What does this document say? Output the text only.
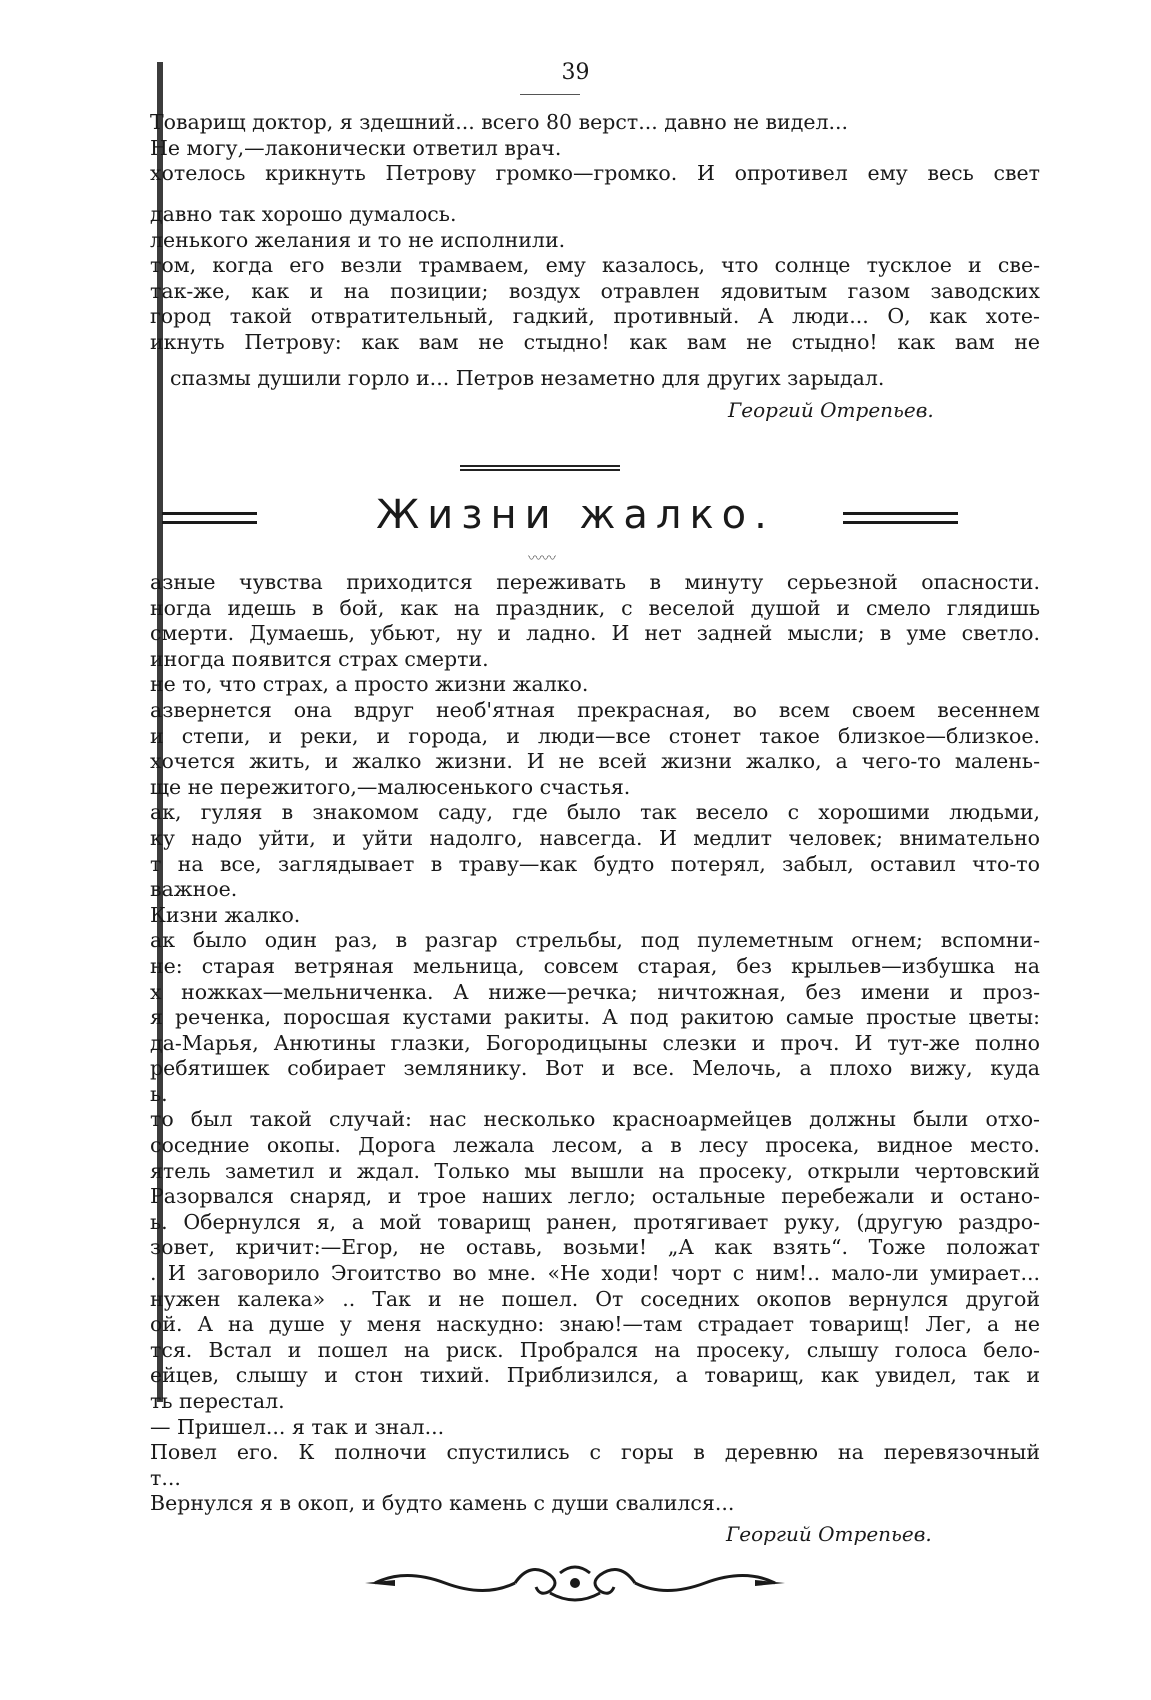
39
Товарищ доктор, я здешний... всего 80 верст... давно не видел...
Не могу,—лаконически ответил врач.
хотелось крикнуть Петрову громко—громко. И опротивел ему весь свет
давно так хорошо думалось.
ленького желания и то не исполнили.
том, когда его везли трамваем, ему казалось, что солнце тусклое и све-
так-же, как и на позиции; воздух отравлен ядовитым газом заводских
город такой отвратительный, гадкий, противный. А люди... О, как хоте-
икнуть Петрову: как вам не стыдно! как вам не стыдно! как вам не
спазмы душили горло и... Петров незаметно для других зарыдал.
Георгий Отрепьев.
Жизни жалко.
〰〰
азные чувства приходится переживать в минуту серьезной опасности.
ногда идешь в бой, как на праздник, с веселой душой и смело глядишь
смерти. Думаешь, убьют, ну и ладно. И нет задней мысли; в уме светло.
иногда появится страх смерти.
не то, что страх, а просто жизни жалко.
азвернется она вдруг необ'ятная прекрасная, во всем своем весеннем
и степи, и реки, и города, и люди—все стонет такое близкое—близкое.
хочется жить, и жалко жизни. И не всей жизни жалко, а чего-то малень-
ще не пережитого,—малюсенького счастья.
ак, гуляя в знакомом саду, где было так весело с хорошими людьми,
ку надо уйти, и уйти надолго, навсегда. И медлит человек; внимательно
т на все, заглядывает в траву—как будто потерял, забыл, оставил что-то
важное.
Кизни жалко.
ак было один раз, в разгар стрельбы, под пулеметным огнем; вспомни-
не: старая ветряная мельница, совсем старая, без крыльев—избушка на
х ножках—мельниченка. А ниже—речка; ничтожная, без имени и проз-
я реченка, поросшая кустами ракиты. А под ракитою самые простые цветы:
да-Марья, Анютины глазки, Богородицыны слезки и проч. И тут-же полно
ребятишек собирает землянику. Вот и все. Мелочь, а плохо вижу, куда
ь.
то был такой случай: нас несколько красноармейцев должны были отхо-
соседние окопы. Дорога лежала лесом, а в лесу просека, видное место.
ятель заметил и ждал. Только мы вышли на просеку, открыли чертовский
Разорвался снаряд, и трое наших легло; остальные перебежали и остано-
ь. Обернулся я, а мой товарищ ранен, протягивает руку, (другую раздро-
зовет, кричит:—Егор, не оставь, возьми! „А как взять“. Тоже положат
. И заговорило Эгоитство во мне. «Не ходи! чорт с ним!.. мало-ли умирает...
нужен калека» .. Так и не пошел. От соседних окопов вернулся другой
ой. А на душе у меня наскудно: знаю!—там страдает товарищ! Лег, а не
тся. Встал и пошел на риск. Пробрался на просеку, слышу голоса бело-
ейцев, слышу и стон тихий. Приблизился, а товарищ, как увидел, так и
ть перестал.
— Пришел... я так и знал...
Повел его. К полночи спустились с горы в деревню на перевязочный
т...
Вернулся я в окоп, и будто камень с души свалился...
Георгий Отрепьев.
